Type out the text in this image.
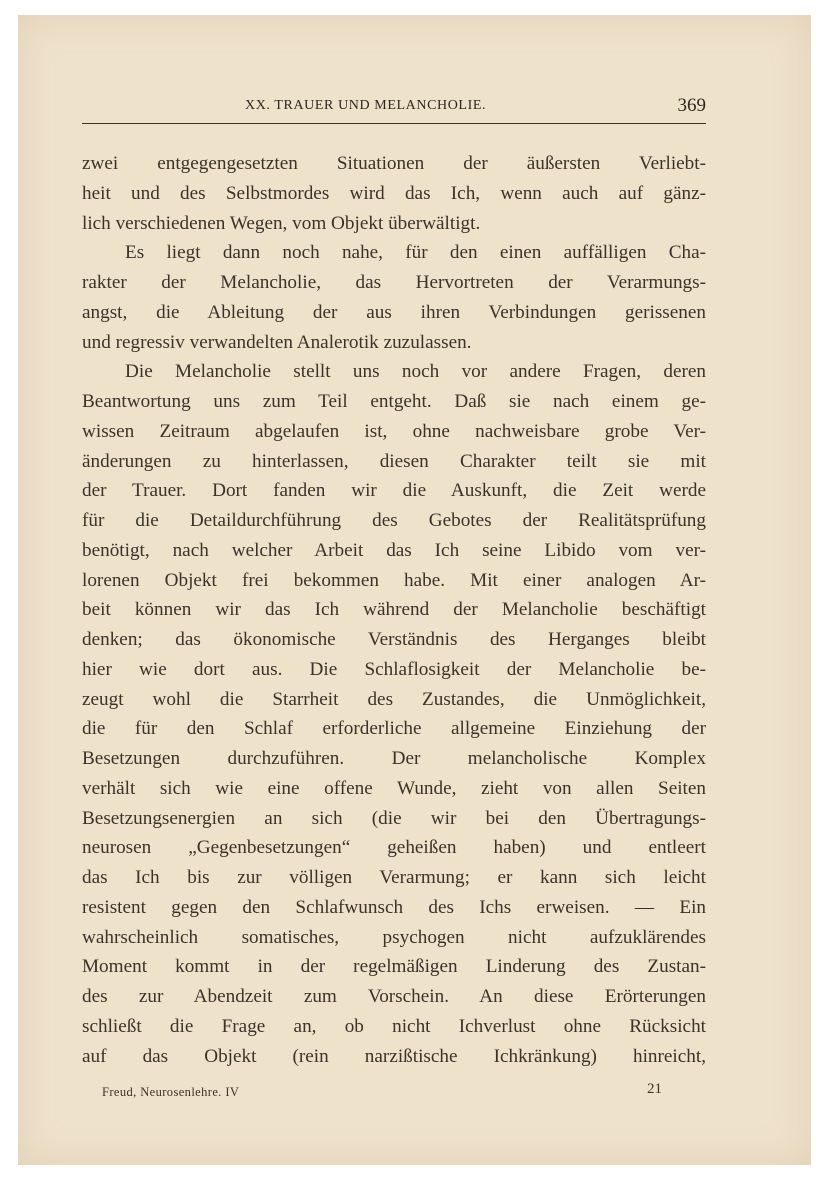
XX. TRAUER UND MELANCHOLIE.	369
zwei entgegengesetzten Situationen der äußersten Verliebt-
heit und des Selbstmordes wird das Ich, wenn auch auf gänz-
lich verschiedenen Wegen, vom Objekt überwältigt.
Es liegt dann noch nahe, für den einen auffälligen Cha-
rakter der Melancholie, das Hervortreten der Verarmungs-
angst, die Ableitung der aus ihren Verbindungen gerissenen
und regressiv verwandelten Analerotik zuzulassen.
Die Melancholie stellt uns noch vor andere Fragen, deren
Beantwortung uns zum Teil entgeht. Daß sie nach einem ge-
wissen Zeitraum abgelaufen ist, ohne nachweisbare grobe Ver-
änderungen zu hinterlassen, diesen Charakter teilt sie mit
der Trauer. Dort fanden wir die Auskunft, die Zeit werde
für die Detaildurchführung des Gebotes der Realitätsprüfung
benötigt, nach welcher Arbeit das Ich seine Libido vom ver-
lorenen Objekt frei bekommen habe. Mit einer analogen Ar-
beit können wir das Ich während der Melancholie beschäftigt
denken; das ökonomische Verständnis des Herganges bleibt
hier wie dort aus. Die Schlaflosigkeit der Melancholie be-
zeugt wohl die Starrheit des Zustandes, die Unmöglichkeit,
die für den Schlaf erforderliche allgemeine Einziehung der
Besetzungen durchzuführen. Der melancholische Komplex
verhält sich wie eine offene Wunde, zieht von allen Seiten
Besetzungsenergien an sich (die wir bei den Übertragungs-
neurosen „Gegenbesetzungen“ geheißen haben) und entleert
das Ich bis zur völligen Verarmung; er kann sich leicht
resistent gegen den Schlafwunsch des Ichs erweisen. — Ein
wahrscheinlich somatisches, psychogen nicht aufzuklärendes
Moment kommt in der regelmäßigen Linderung des Zustan-
des zur Abendzeit zum Vorschein. An diese Erörterungen
schließt die Frage an, ob nicht Ichverlust ohne Rücksicht
auf das Objekt (rein narzißtische Ichkränkung) hinreicht,
Freud, Neurosenlehre. IV	21
